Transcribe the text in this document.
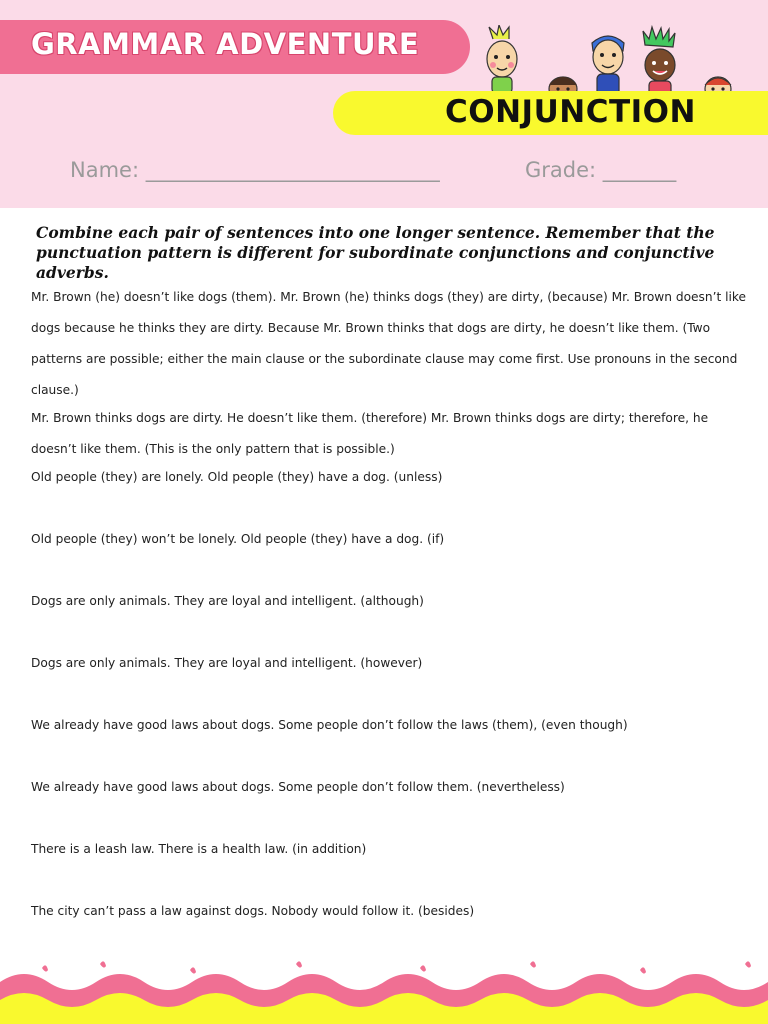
GRAMMAR ADVENTURE
CONJUNCTION
Name: ____________________________	Grade: _______
Combine each pair of sentences into one longer sentence. Remember that the punctuation pattern is different for subordinate conjunctions and conjunctive adverbs.

Mr. Brown (he) doesn’t like dogs (them). Mr. Brown (he) thinks dogs (they) are dirty, (because) Mr. Brown doesn’t like dogs because he thinks they are dirty. Because Mr. Brown thinks that dogs are dirty, he doesn’t like them. (Two patterns are possible; either the main clause or the subordinate clause may come first. Use pronouns in the second clause.)

Mr. Brown thinks dogs are dirty. He doesn’t like them. (therefore) Mr. Brown thinks dogs are dirty; therefore, he doesn’t like them. (This is the only pattern that is possible.)

Old people (they) are lonely. Old people (they) have a dog. (unless)

Old people (they) won’t be lonely. Old people (they) have a dog. (if)

Dogs are only animals. They are loyal and intelligent. (although)

Dogs are only animals. They are loyal and intelligent. (however)

We already have good laws about dogs. Some people don’t follow the laws (them), (even though)

We already have good laws about dogs. Some people don’t follow them. (nevertheless)

There is a leash law. There is a health law. (in addition)

The city can’t pass a law against dogs. Nobody would follow it. (besides)
